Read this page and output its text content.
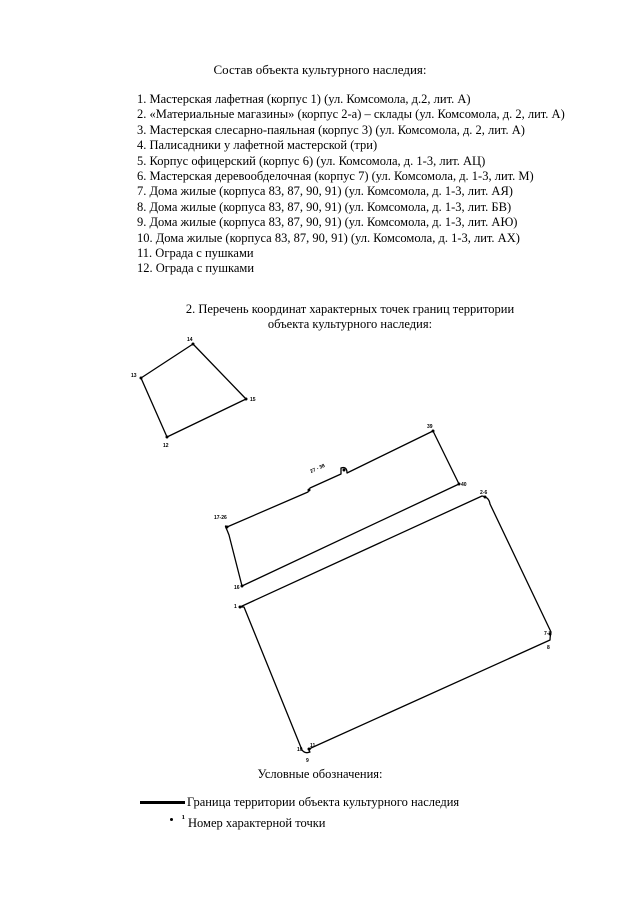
Состав объекта культурного наследия:
1. Мастерская лафетная (корпус 1) (ул. Комсомола, д.2, лит. А)
2. «Материальные магазины» (корпус 2-а) – склады (ул. Комсомола, д. 2, лит. А)
3. Мастерская слесарно-паяльная (корпус 3) (ул. Комсомола, д. 2, лит. А)
4. Палисадники у лафетной мастерской (три)
5. Корпус офицерский (корпус 6) (ул. Комсомола, д. 1-3, лит. АЦ)
6. Мастерская деревообделочная (корпус 7) (ул. Комсомола, д. 1-3, лит. М)
7. Дома жилые (корпуса 83, 87, 90, 91) (ул. Комсомола, д. 1-3, лит. АЯ)
8. Дома жилые (корпуса 83, 87, 90, 91) (ул. Комсомола, д. 1-3, лит. БВ)
9. Дома жилые (корпуса 83, 87, 90, 91) (ул. Комсомола, д. 1-3, лит. АЮ)
10. Дома жилые (корпуса 83, 87, 90, 91) (ул. Комсомола, д. 1-3, лит. АХ)
11. Ограда с пушками
12. Ограда с пушками
2. Перечень координат характерных точек границ территории
объекта культурного наследия:
14
13
15
12
39
40
27 - 38
17-26
16
2-6
1
7-8
8
10
11
9
Условные обозначения:
Граница территории объекта культурного наследия
¹ Номер характерной точки
